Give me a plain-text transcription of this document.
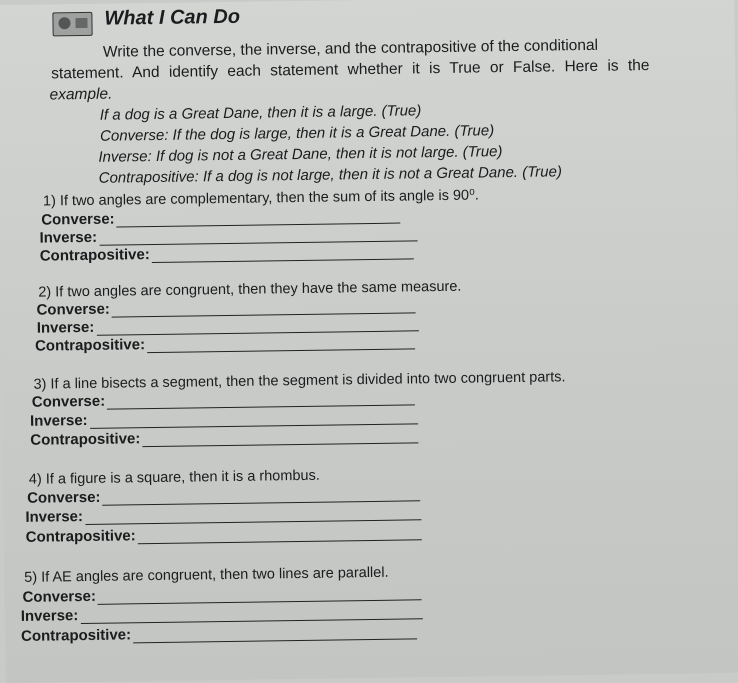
What I Can Do
Write the converse, the inverse, and the contrapositive of the conditional
statement. And identify each statement whether it is True or False. Here is the
example.
If a dog is a Great Dane, then it is a large. (True)
Converse: If the dog is large, then it is a Great Dane. (True)
Inverse: If dog is not a Great Dane, then it is not large. (True)
Contrapositive: If a dog is not large, then it is not a Great Dane. (True)
1) If two angles are complementary, then the sum of its angle is 90⁰.
Converse:
Inverse:
Contrapositive:
2) If two angles are congruent, then they have the same measure.
Converse:
Inverse:
Contrapositive:
3) If a line bisects a segment, then the segment is divided into two congruent parts.
Converse:
Inverse:
Contrapositive:
4) If a figure is a square, then it is a rhombus.
Converse:
Inverse:
Contrapositive:
5) If AE angles are congruent, then two lines are parallel.
Converse:
Inverse:
Contrapositive:
